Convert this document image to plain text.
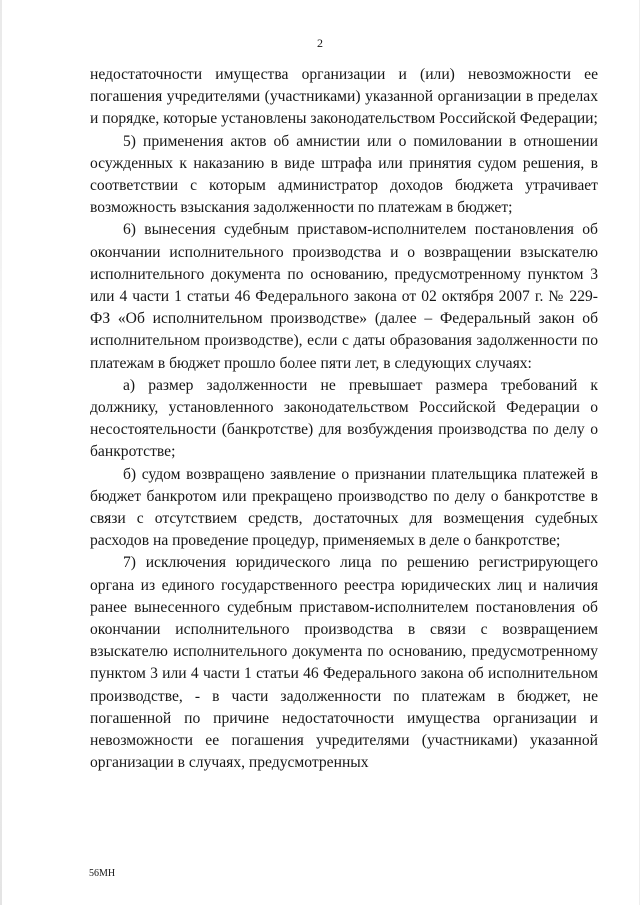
2

недостаточности имущества организации и (или) невозможности ее погашения учредителями (участниками) указанной организации в пределах и порядке, которые установлены законодательством Российской Федерации;

5) применения актов об амнистии или о помиловании в отношении осужденных к наказанию в виде штрафа или принятия судом решения, в соответствии с которым администратор доходов бюджета утрачивает возможность взыскания задолженности по платежам в бюджет;

6) вынесения судебным приставом-исполнителем постановления об окончании исполнительного производства и о возвращении взыскателю исполнительного документа по основанию, предусмотренному пунктом 3 или 4 части 1 статьи 46 Федерального закона от 02 октября 2007 г. № 229-ФЗ «Об исполнительном производстве» (далее – Федеральный закон об исполнительном производстве), если с даты образования задолженности по платежам в бюджет прошло более пяти лет, в следующих случаях:

а) размер задолженности не превышает размера требований к должнику, установленного законодательством Российской Федерации о несостоятельности (банкротстве) для возбуждения производства по делу о банкротстве;

б) судом возвращено заявление о признании плательщика платежей в бюджет банкротом или прекращено производство по делу о банкротстве в связи с отсутствием средств, достаточных для возмещения судебных расходов на проведение процедур, применяемых в деле о банкротстве;

7) исключения юридического лица по решению регистрирующего органа из единого государственного реестра юридических лиц и наличия ранее вынесенного судебным приставом-исполнителем постановления об окончании исполнительного производства в связи с возвращением взыскателю исполнительного документа по основанию, предусмотренному пунктом 3 или 4 части 1 статьи 46 Федерального закона об исполнительном производстве, - в части задолженности по платежам в бюджет, не погашенной по причине недостаточности имущества организации и невозможности ее погашения учредителями (участниками) указанной организации в случаях, предусмотренных

56МН
